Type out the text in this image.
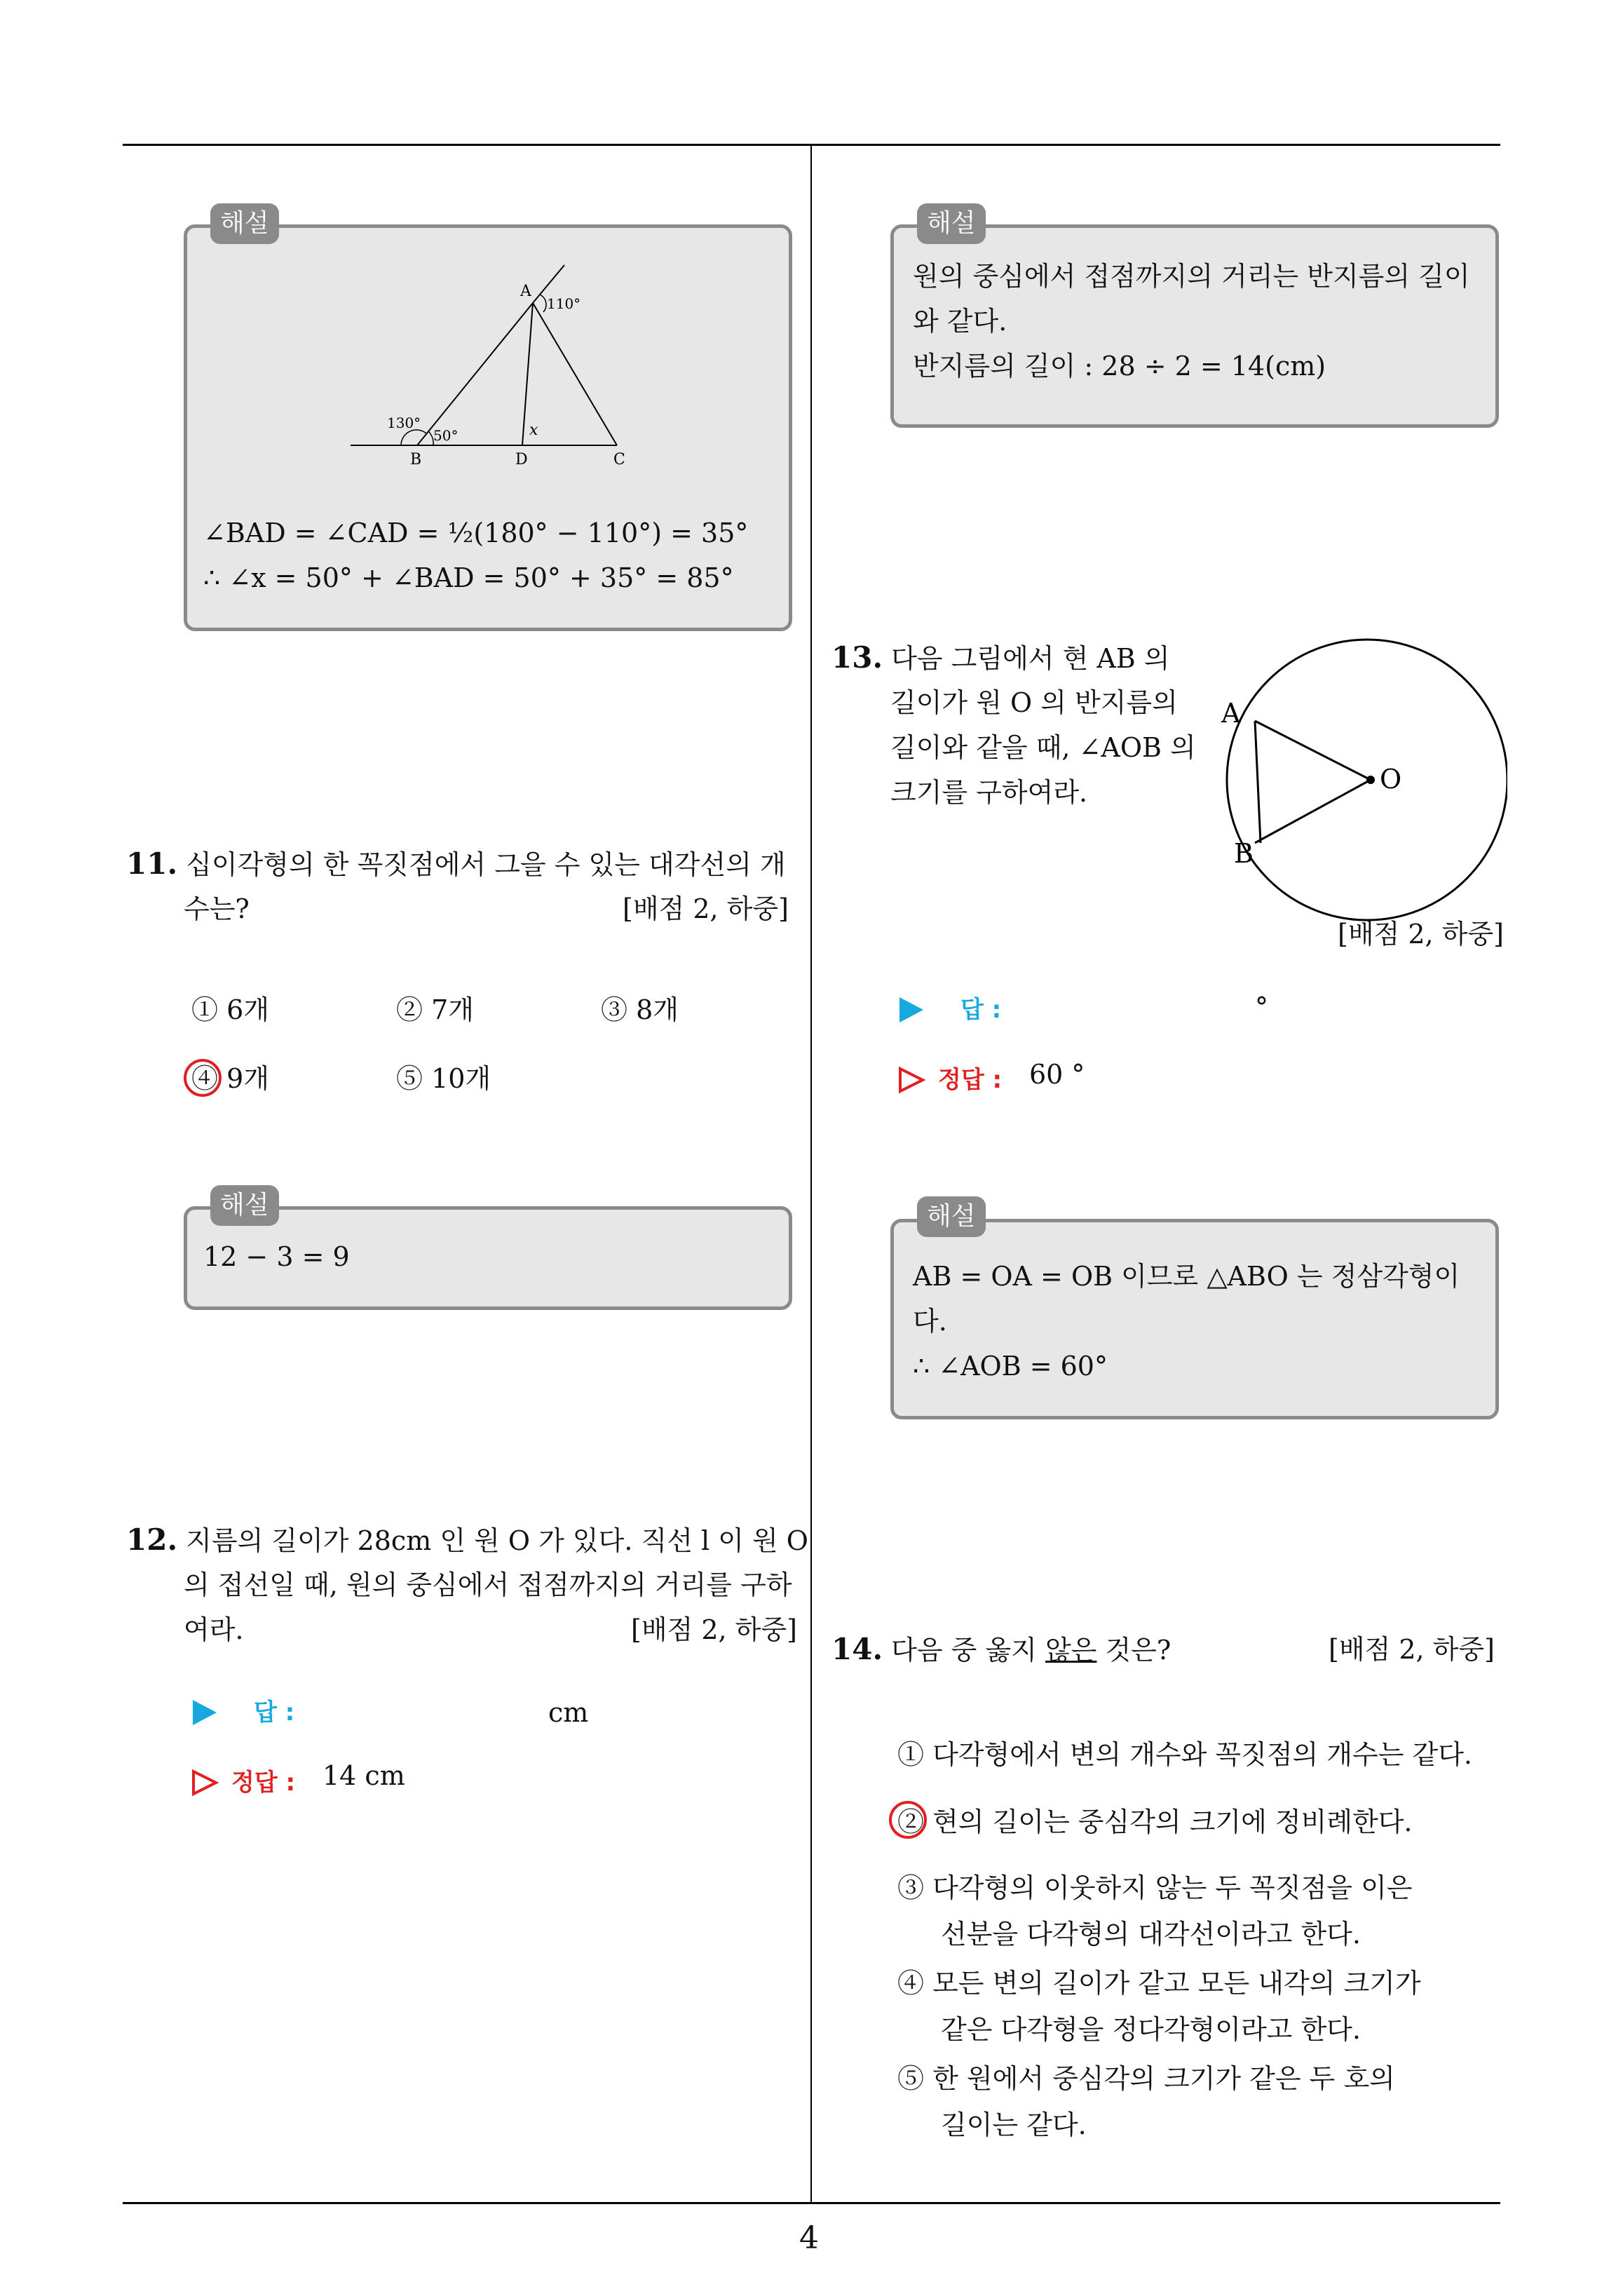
4
해설
A
110°
130°
50°	x
B	D	C
∠BAD = ∠CAD = ½(180° − 110°) = 35°
∴ ∠x = 50° + ∠BAD = 50° + 35° = 85°
11. 십이각형의 한 꼭짓점에서 그을 수 있는 대각선의 개
수는?	[배점 2, 하중]
① 6개	② 7개	③ 8개
④ 9개	⑤ 10개
해설
12 − 3 = 9
12. 지름의 길이가 28cm 인 원 O 가 있다. 직선 l 이 원 O
의 접선일 때, 원의 중심에서 접점까지의 거리를 구하
여라.	[배점 2, 하중]
답 :	cm
정답 : 14 cm
해설
원의 중심에서 접점까지의 거리는 반지름의 길이
와 같다.
반지름의 길이 : 28 ÷ 2 = 14(cm)
13. 다음 그림에서 현 AB 의
길이가 원 O 의 반지름의
길이와 같을 때, ∠AOB 의
크기를 구하여라.
A
B
O
[배점 2, 하중]
답 :	°
정답 : 60 °
해설
AB = OA = OB 이므로 △ABO 는 정삼각형이
다.
∴ ∠AOB = 60°
14. 다음 중 옳지 않은 것은?	[배점 2, 하중]
① 다각형에서 변의 개수와 꼭짓점의 개수는 같다.
② 현의 길이는 중심각의 크기에 정비례한다.
③ 다각형의 이웃하지 않는 두 꼭짓점을 이은
선분을 다각형의 대각선이라고 한다.
④ 모든 변의 길이가 같고 모든 내각의 크기가
같은 다각형을 정다각형이라고 한다.
⑤ 한 원에서 중심각의 크기가 같은 두 호의
길이는 같다.
